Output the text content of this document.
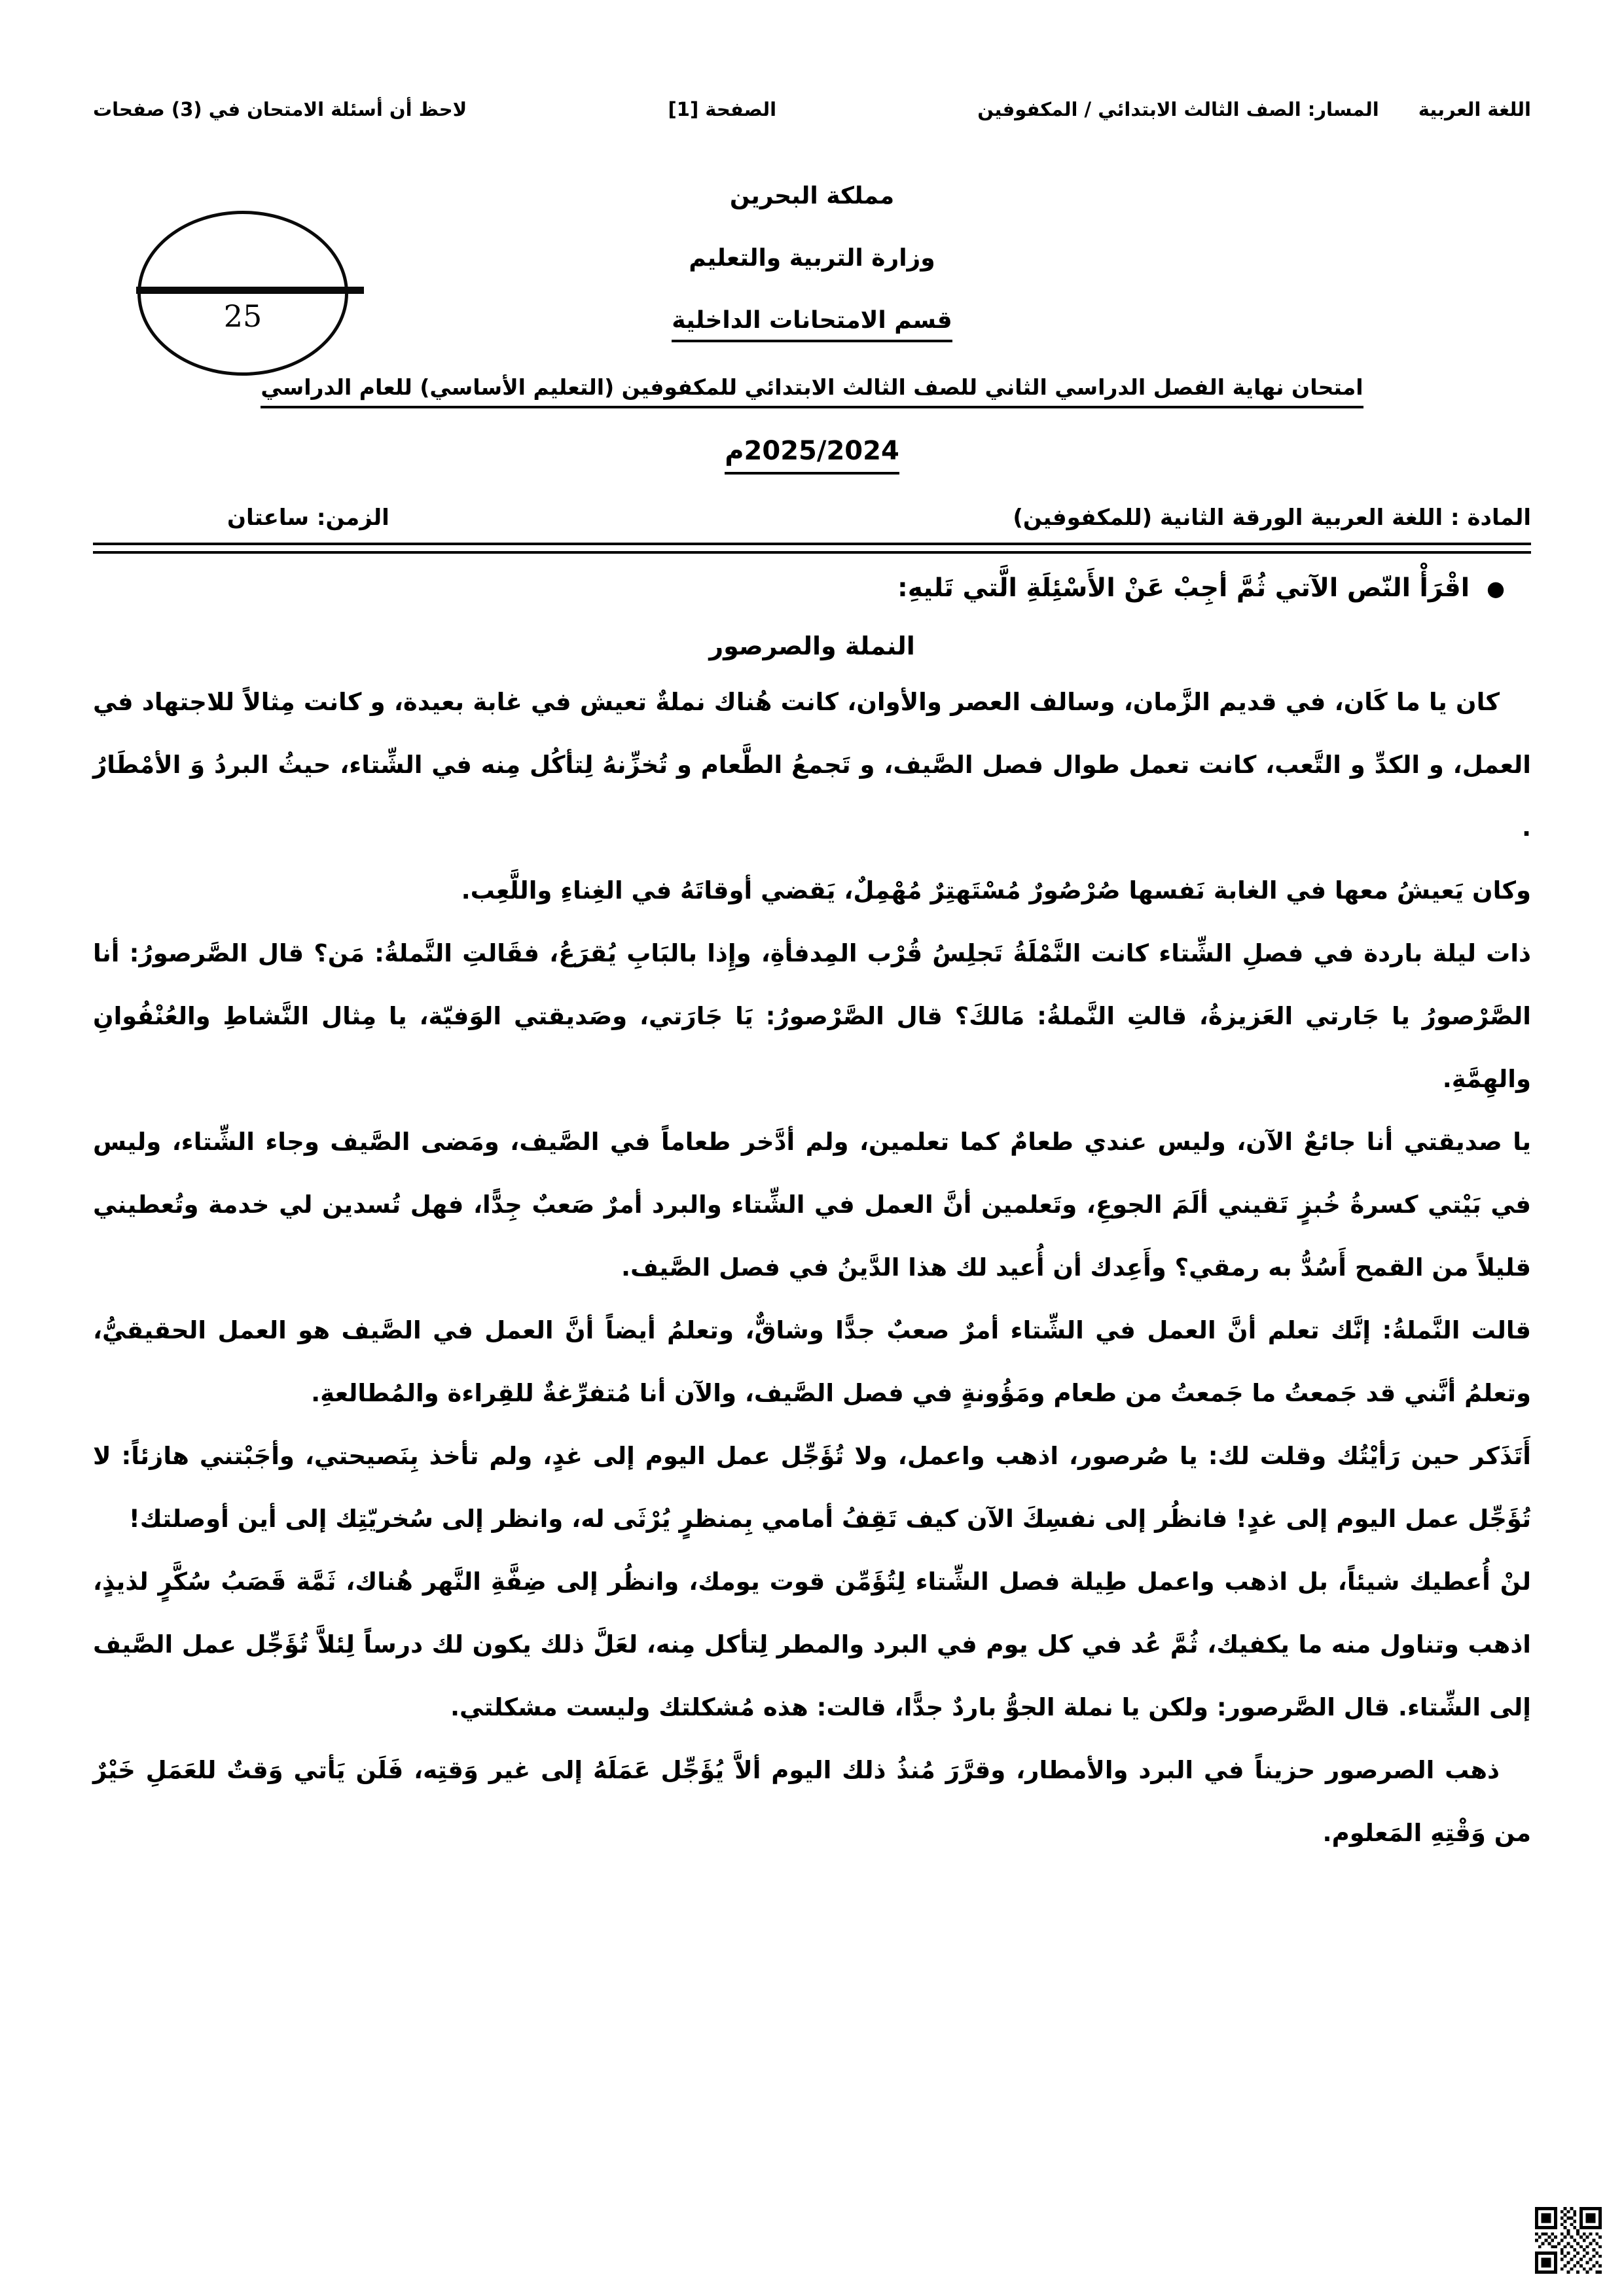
اللغة العربية
المسار: الصف الثالث الابتدائي / المكفوفين
الصفحة [1]
لاحظ أن أسئلة الامتحان في (3) صفحات
25
مملكة البحرين
وزارة التربية والتعليم
قسم الامتحانات الداخلية
امتحان نهاية الفصل الدراسي الثاني للصف الثالث الابتدائي للمكفوفين (التعليم الأساسي) للعام الدراسي
2025/2024م
المادة : اللغة العربية الورقة الثانية (للمكفوفين)
الزمن: ساعتان
●
اقْرَأْ النّص الآتي ثُمَّ أجِبْ عَنْ الأَسْئِلَةِ الَّتي تَليهِ:
النملة والصرصور

كان يا ما كَان، في قديم الزَّمان، وسالف العصر والأوان، كانت هُناك نملةٌ تعيش في غابة بعيدة، و كانت مِثالاً للاجتهاد في العمل، و الكدِّ و التَّعب، كانت تعمل طوال فصل الصَّيف، و تَجمعُ الطَّعام و تُخزِّنهُ لِتأكُل مِنه في الشِّتاء، حيثُ البردُ وَ الأمْطَارُ .

وكان يَعيشُ معها في الغابة نَفسها صُرْصُورٌ مُسْتَهتِرٌ مُهْمِلٌ، يَقضي أوقاتَهُ في الغِناءِ واللَّعِب.

ذات ليلة باردة في فصلِ الشِّتاء كانت النَّمْلَةُ تَجلِسُ قُرْب المِدفأةِ، وإِذا بالبَابِ يُقرَعُ، فقَالتِ النَّملةُ: مَن؟ قال الصَّرصورُ: أنا الصَّرْصورُ يا جَارتي العَزيزةُ، قالتِ النَّملةُ: مَالكَ؟ قال الصَّرْصورُ: يَا جَارَتي، وصَديقتي الوَفيّة، يا مِثال النَّشاطِ والعُنْفُوانِ والهِمَّةِ.

يا صديقتي أنا جائعٌ الآن، وليس عندي طعامٌ كما تعلمين، ولم أدَّخر طعاماً في الصَّيف، ومَضى الصَّيف وجاء الشِّتاء، وليس في بَيْتي كسرةُ خُبزٍ تَقيني ألَمَ الجوعِ، وتَعلمين أنَّ العمل في الشِّتاء والبرد أمرٌ صَعبٌ جِدًّا، فهل تُسدين لي خدمة وتُعطيني قليلاً من القمح أَسُدُّ به رمقي؟ وأَعِدك أن أُعيد لك هذا الدَّينُ في فصل الصَّيف.

قالت النَّملةُ: إنَّك تعلم أنَّ العمل في الشِّتاء أمرٌ صعبٌ جدًّا وشاقٌّ، وتعلمُ أيضاً أنَّ العمل في الصَّيف هو العمل الحقيقيُّ، وتعلمُ أنَّني قد جَمعتُ ما جَمعتُ من طعام ومَؤُونةٍ في فصل الصَّيف، والآن أنا مُتفرِّغةٌ للقِراءة والمُطالعةِ.

أَتَذَكر حين رَأيْتُك وقلت لك: يا صُرصور، اذهب واعمل، ولا تُؤَجِّل عمل اليوم إلى غدٍ، ولم تأخذ بِنَصيحتي، وأجَبْتني هازئاً: لا تُؤَجِّل عمل اليوم إلى غدٍ! فانظُر إلى نفسِكَ الآن كيف تَقِفُ أمامي بِمنظرٍ يُرْثَى له، وانظر إلى سُخريّتِك إلى أين أوصلتك!

لنْ أُعطيك شيئاً، بل اذهب واعمل طِيلة فصل الشِّتاء لِتُؤَمِّن قوت يومك، وانظُر إلى ضِفَّةِ النَّهر هُناك، ثَمَّة قَصَبُ سُكَّرٍ لذيذٍ، اذهب وتناول منه ما يكفيك، ثُمَّ عُد في كل يوم في البرد والمطر لِتأكل مِنه، لعَلَّ ذلك يكون لك درساً لِئلاَّ تُؤَجِّل عمل الصَّيف إلى الشِّتاء. قال الصَّرصور: ولكن يا نملة الجوُّ باردٌ جدًّا، قالت: هذه مُشكلتك وليست مشكلتي.

ذهب الصرصور حزيناً في البرد والأمطار، وقرَّرَ مُنذُ ذلك اليوم ألاَّ يُؤَجِّل عَمَلَهُ إلى غير وَقتِه، فَلَن يَأتي وَقتٌ للعَمَلِ خَيْرٌ من وَقْتِهِ المَعلوم.
